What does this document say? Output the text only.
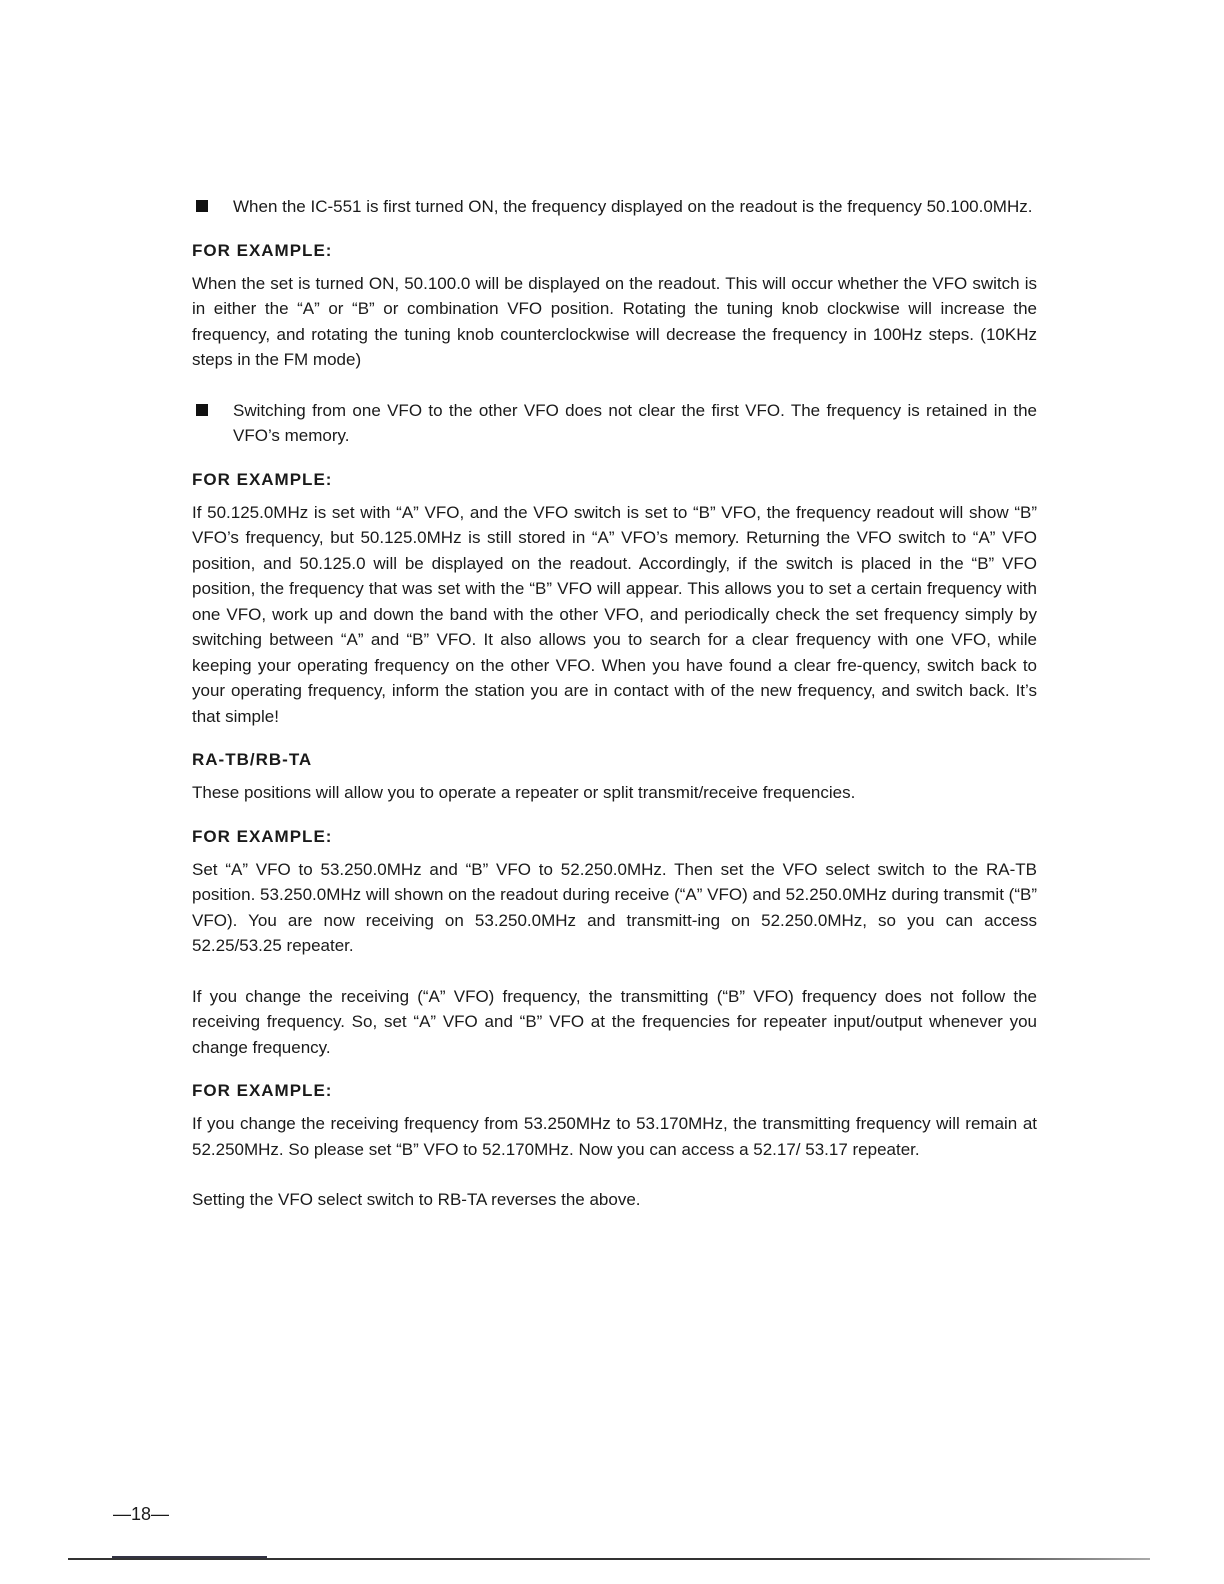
When the IC-551 is first turned ON, the frequency displayed on the readout is the frequency 50.100.0MHz.

FOR EXAMPLE:

When the set is turned ON, 50.100.0 will be displayed on the readout. This will occur whether the VFO switch is in either the “A” or “B” or combination VFO position. Rotating the tuning knob clockwise will increase the frequency, and rotating the tuning knob counterclockwise will decrease the frequency in 100Hz steps. (10KHz steps in the FM mode)

Switching from one VFO to the other VFO does not clear the first VFO. The frequency is retained in the VFO’s memory.

FOR EXAMPLE:

If 50.125.0MHz is set with “A” VFO, and the VFO switch is set to “B” VFO, the frequency readout will show “B” VFO’s frequency, but 50.125.0MHz is still stored in “A” VFO’s memory. Returning the VFO switch to “A” VFO position, and 50.125.0 will be displayed on the readout. Accordingly, if the switch is placed in the “B” VFO position, the frequency that was set with the “B” VFO will appear. This allows you to set a certain frequency with one VFO, work up and down the band with the other VFO, and periodically check the set frequency simply by switching between “A” and “B” VFO. It also allows you to search for a clear frequency with one VFO, while keeping your operating frequency on the other VFO. When you have found a clear fre-quency, switch back to your operating frequency, inform the station you are in contact with of the new frequency, and switch back. It’s that simple!

RA-TB/RB-TA

These positions will allow you to operate a repeater or split transmit/receive frequencies.

FOR EXAMPLE:

Set “A” VFO to 53.250.0MHz and “B” VFO to 52.250.0MHz. Then set the VFO select switch to the RA-TB position. 53.250.0MHz will shown on the readout during receive (“A” VFO) and 52.250.0MHz during transmit (“B” VFO). You are now receiving on 53.250.0MHz and transmitt-ing on 52.250.0MHz, so you can access 52.25/53.25 repeater.

If you change the receiving (“A” VFO) frequency, the transmitting (“B” VFO) frequency does not follow the receiving frequency. So, set “A” VFO and “B” VFO at the frequencies for repeater input/output whenever you change frequency.

FOR EXAMPLE:

If you change the receiving frequency from 53.250MHz to 53.170MHz, the transmitting frequency will remain at 52.250MHz. So please set “B” VFO to 52.170MHz. Now you can access a 52.17/ 53.17 repeater.

Setting the VFO select switch to RB-TA reverses the above.

—18—
